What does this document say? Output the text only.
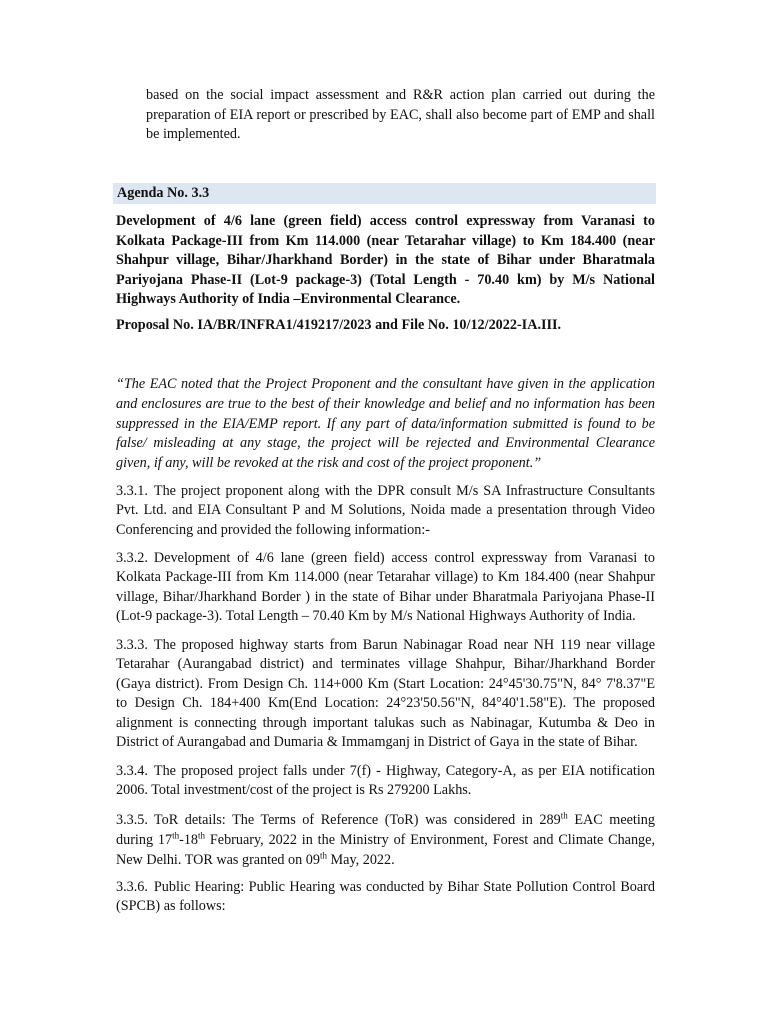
based on the social impact assessment and R&R action plan carried out during the preparation of EIA report or prescribed by EAC, shall also become part of EMP and shall be implemented.
Agenda No. 3.3
Development of 4/6 lane (green field) access control expressway from Varanasi to Kolkata Package-III from Km 114.000 (near Tetarahar village) to Km 184.400 (near Shahpur village, Bihar/Jharkhand Border) in the state of Bihar under Bharatmala Pariyojana Phase-II (Lot-9 package-3) (Total Length - 70.40 km) by M/s National Highways Authority of India –Environmental Clearance.
Proposal No. IA/BR/INFRA1/419217/2023 and File No. 10/12/2022-IA.III.
“The EAC noted that the Project Proponent and the consultant have given in the application and enclosures are true to the best of their knowledge and belief and no information has been suppressed in the EIA/EMP report. If any part of data/information submitted is found to be false/ misleading at any stage, the project will be rejected and Environmental Clearance given, if any, will be revoked at the risk and cost of the project proponent.”
3.3.1. The project proponent along with the DPR consult M/s SA Infrastructure Consultants Pvt. Ltd. and EIA Consultant P and M Solutions, Noida made a presentation through Video Conferencing and provided the following information:-
3.3.2. Development of 4/6 lane (green field) access control expressway from Varanasi to Kolkata Package-III from Km 114.000 (near Tetarahar village) to Km 184.400 (near Shahpur village, Bihar/Jharkhand Border ) in the state of Bihar under Bharatmala Pariyojana Phase-II (Lot-9 package-3). Total Length – 70.40 Km by M/s National Highways Authority of India.
3.3.3. The proposed highway starts from Barun Nabinagar Road near NH 119 near village Tetarahar (Aurangabad district) and terminates village Shahpur, Bihar/Jharkhand Border (Gaya district). From Design Ch. 114+000 Km (Start Location: 24°45'30.75"N, 84° 7'8.37"E to Design Ch. 184+400 Km(End Location: 24°23'50.56"N, 84°40'1.58"E). The proposed alignment is connecting through important talukas such as Nabinagar, Kutumba & Deo in District of Aurangabad and Dumaria & Immamganj in District of Gaya in the state of Bihar.
3.3.4. The proposed project falls under 7(f) - Highway, Category-A, as per EIA notification 2006. Total investment/cost of the project is Rs 279200 Lakhs.
3.3.5. ToR details: The Terms of Reference (ToR) was considered in 289th EAC meeting during 17th-18th February, 2022 in the Ministry of Environment, Forest and Climate Change, New Delhi. TOR was granted on 09th May, 2022.
3.3.6. Public Hearing: Public Hearing was conducted by Bihar State Pollution Control Board (SPCB) as follows:
